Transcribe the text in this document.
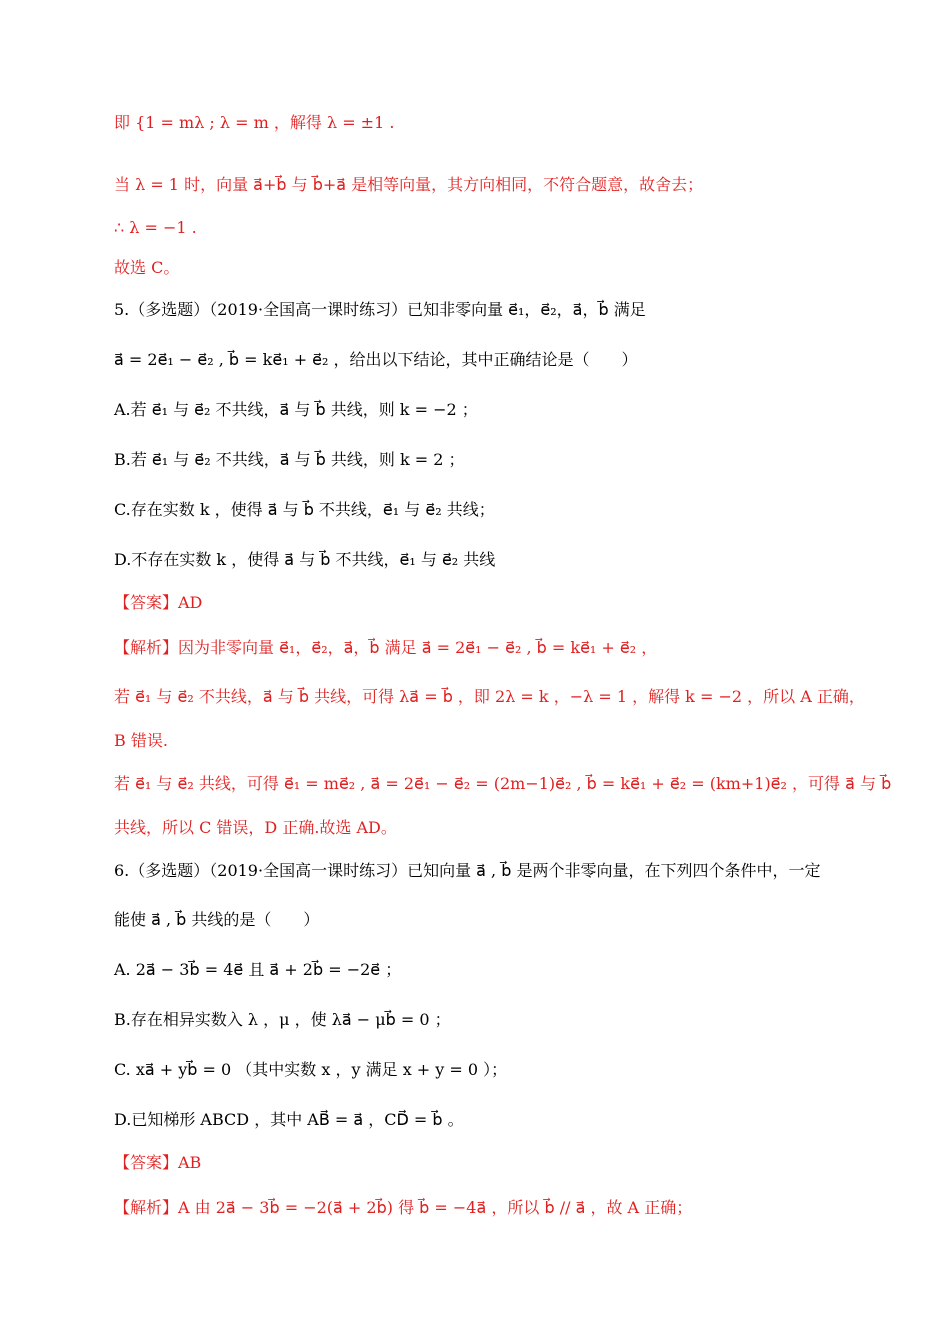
即 {1 = mλ ; λ = m ，解得 λ = ±1 .
当 λ = 1 时，向量 a⃗+b⃗ 与 b⃗+a⃗ 是相等向量，其方向相同，不符合题意，故舍去；
∴ λ = −1 .
故选 C。
5.（多选题）（2019·全国高一课时练习）已知非零向量 e⃗₁，e⃗₂，a⃗，b⃗ 满足
a⃗ = 2e⃗₁ − e⃗₂ , b⃗ = ke⃗₁ + e⃗₂ ，给出以下结论，其中正确结论是（　　）
A.若 e⃗₁ 与 e⃗₂ 不共线，a⃗ 与 b⃗ 共线，则 k = −2 ；
B.若 e⃗₁ 与 e⃗₂ 不共线，a⃗ 与 b⃗ 共线，则 k = 2 ；
C.存在实数 k ，使得 a⃗ 与 b⃗ 不共线，e⃗₁ 与 e⃗₂ 共线；
D.不存在实数 k ，使得 a⃗ 与 b⃗ 不共线，e⃗₁ 与 e⃗₂ 共线
【答案】AD
【解析】因为非零向量 e⃗₁，e⃗₂，a⃗，b⃗ 满足 a⃗ = 2e⃗₁ − e⃗₂ , b⃗ = ke⃗₁ + e⃗₂ ，
若 e⃗₁ 与 e⃗₂ 不共线，a⃗ 与 b⃗ 共线，可得 λa⃗ = b⃗ ，即 2λ = k ，−λ = 1 ，解得 k = −2 ，所以 A 正确，
B 错误.
若 e⃗₁ 与 e⃗₂ 共线，可得 e⃗₁ = me⃗₂ , a⃗ = 2e⃗₁ − e⃗₂ = (2m−1)e⃗₂ , b⃗ = ke⃗₁ + e⃗₂ = (km+1)e⃗₂ ，可得 a⃗ 与 b⃗
共线，所以 C 错误，D 正确.故选 AD。
6.（多选题）（2019·全国高一课时练习）已知向量 a⃗ , b⃗ 是两个非零向量，在下列四个条件中，一定
能使 a⃗ , b⃗ 共线的是（　　）
A. 2a⃗ − 3b⃗ = 4e⃗ 且 a⃗ + 2b⃗ = −2e⃗ ；
B.存在相异实数入 λ ，μ ，使 λa⃗ − μb⃗ = 0 ；
C. xa⃗ + yb⃗ = 0 （其中实数 x ，y 满足 x + y = 0 ）；
D.已知梯形 ABCD ，其中 AB⃗ = a⃗ ，CD⃗ = b⃗ 。
【答案】AB
【解析】A 由 2a⃗ − 3b⃗ = −2(a⃗ + 2b⃗) 得 b⃗ = −4a⃗ ，所以 b⃗ // a⃗ ，故 A 正确；
